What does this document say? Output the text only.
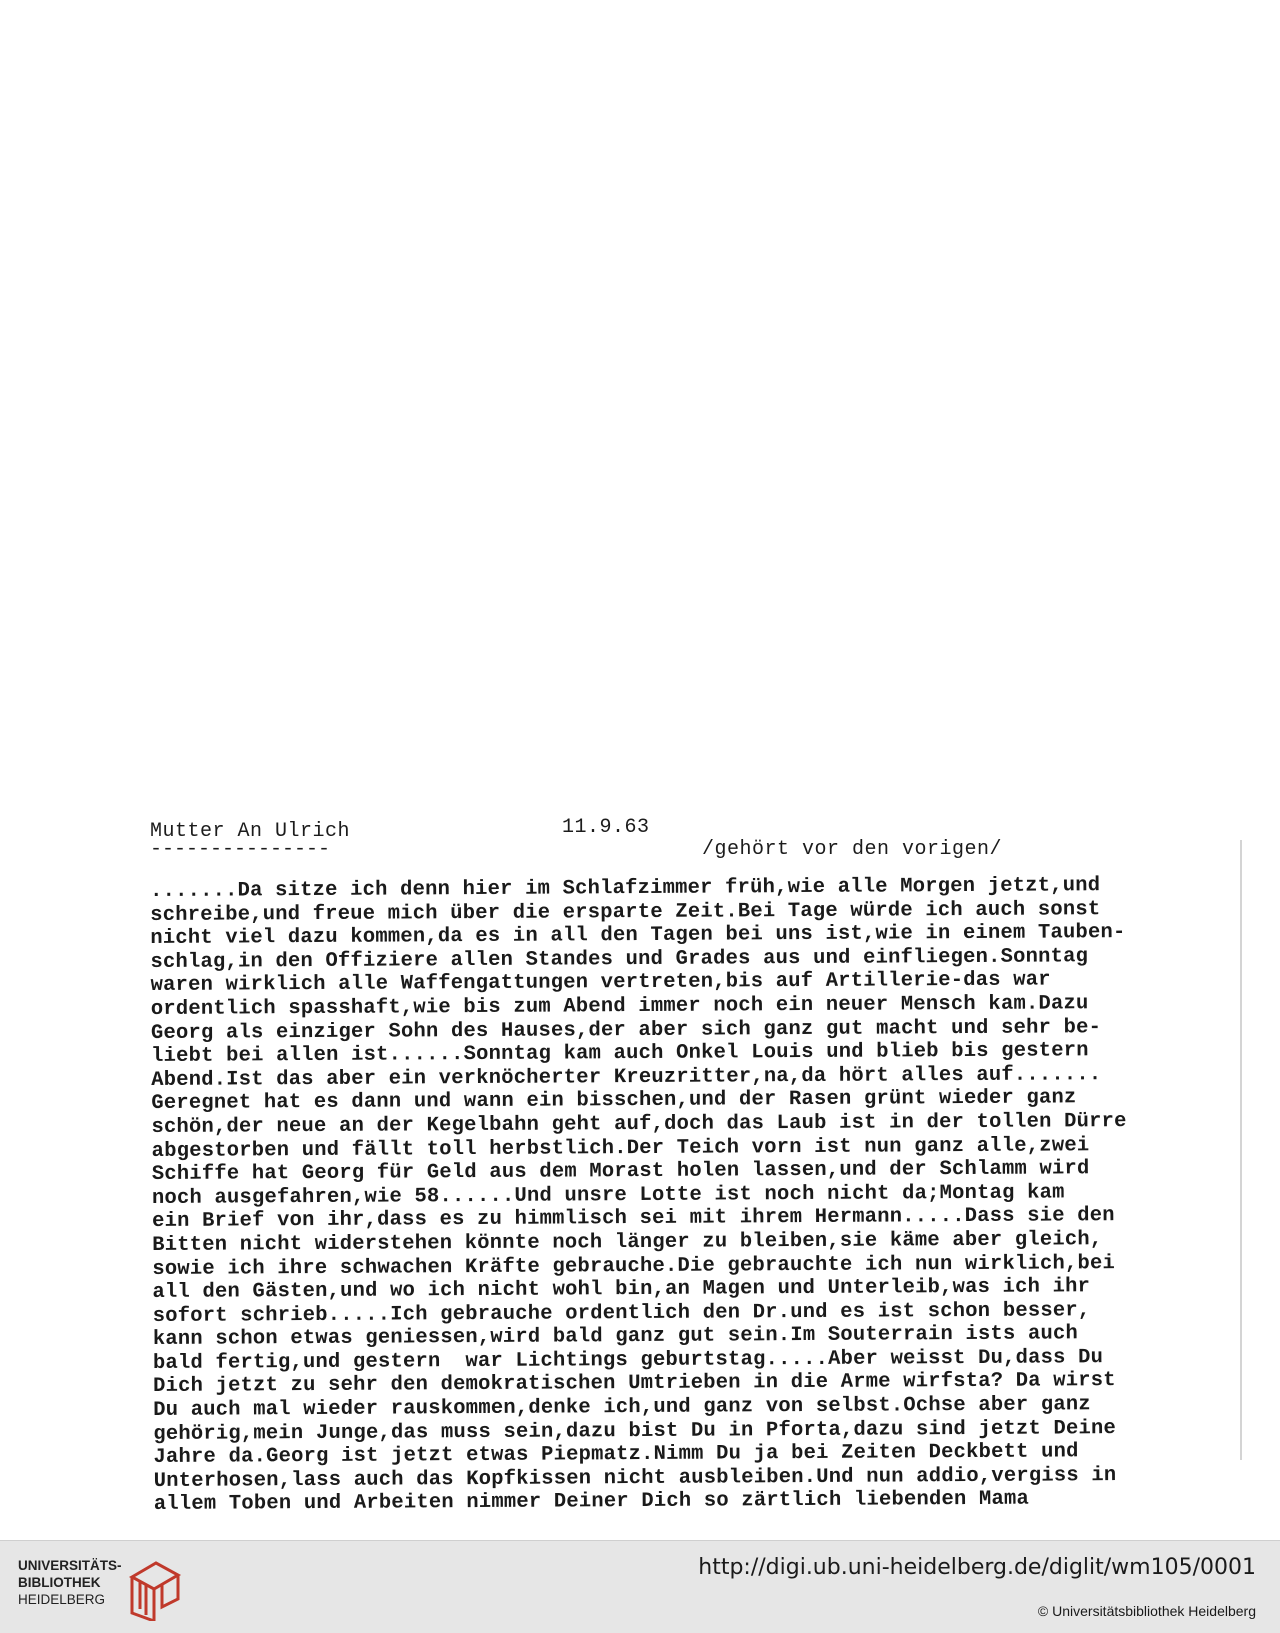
Mutter An Ulrich	11.9.63
---------------	/gehört vor den vorigen/
.......Da sitze ich denn hier im Schlafzimmer früh,wie alle Morgen jetzt,und
schreibe,und freue mich über die ersparte Zeit.Bei Tage würde ich auch sonst
nicht viel dazu kommen,da es in all den Tagen bei uns ist,wie in einem Tauben-
schlag,in den Offiziere allen Standes und Grades aus und einfliegen.Sonntag
waren wirklich alle Waffengattungen vertreten,bis auf Artillerie-das war
ordentlich spasshaft,wie bis zum Abend immer noch ein neuer Mensch kam.Dazu
Georg als einziger Sohn des Hauses,der aber sich ganz gut macht und sehr be-
liebt bei allen ist......Sonntag kam auch Onkel Louis und blieb bis gestern
Abend.Ist das aber ein verknöcherter Kreuzritter,na,da hört alles auf.......
Geregnet hat es dann und wann ein bisschen,und der Rasen grünt wieder ganz
schön,der neue an der Kegelbahn geht auf,doch das Laub ist in der tollen Dürre
abgestorben und fällt toll herbstlich.Der Teich vorn ist nun ganz alle,zwei
Schiffe hat Georg für Geld aus dem Morast holen lassen,und der Schlamm wird
noch ausgefahren,wie 58......Und unsre Lotte ist noch nicht da;Montag kam
ein Brief von ihr,dass es zu himmlisch sei mit ihrem Hermann.....Dass sie den
Bitten nicht widerstehen könnte noch länger zu bleiben,sie käme aber gleich,
sowie ich ihre schwachen Kräfte gebrauche.Die gebrauchte ich nun wirklich,bei
all den Gästen,und wo ich nicht wohl bin,an Magen und Unterleib,was ich ihr
sofort schrieb.....Ich gebrauche ordentlich den Dr.und es ist schon besser,
kann schon etwas geniessen,wird bald ganz gut sein.Im Souterrain ists auch
bald fertig,und gestern  war Lichtings geburtstag.....Aber weisst Du,dass Du
Dich jetzt zu sehr den demokratischen Umtrieben in die Arme wirfsta? Da wirst
Du auch mal wieder rauskommen,denke ich,und ganz von selbst.Ochse aber ganz
gehörig,mein Junge,das muss sein,dazu bist Du in Pforta,dazu sind jetzt Deine
Jahre da.Georg ist jetzt etwas Piepmatz.Nimm Du ja bei Zeiten Deckbett und
Unterhosen,lass auch das Kopfkissen nicht ausbleiben.Und nun addio,vergiss in
allem Toben und Arbeiten nimmer Deiner Dich so zärtlich liebenden Mama
UNIVERSITÄTS-
BIBLIOTHEK
HEIDELBERG
http://digi.ub.uni-heidelberg.de/diglit/wm105/0001
© Universitätsbibliothek Heidelberg
